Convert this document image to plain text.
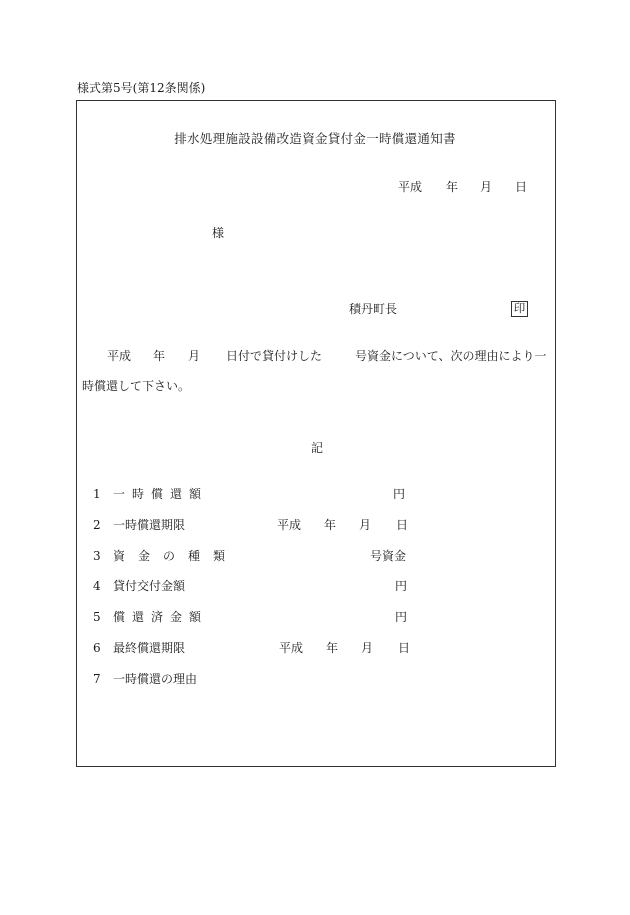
様式第5号(第12条関係)
排水処理施設設備改造資金貸付金一時償還通知書
平成 年 月 日
様
積丹町長	印
平成 年 月 日付で貸付けした	号資金について、次の理由により一
時償還して下さい。
記
1 一時償還額	円
2 一時償還期限	平成 年 月 日
3 資金の種類	号資金
4 貸付交付金額	円
5 償還済金額	円
6 最終償還期限	平成 年 月 日
7 一時償還の理由
